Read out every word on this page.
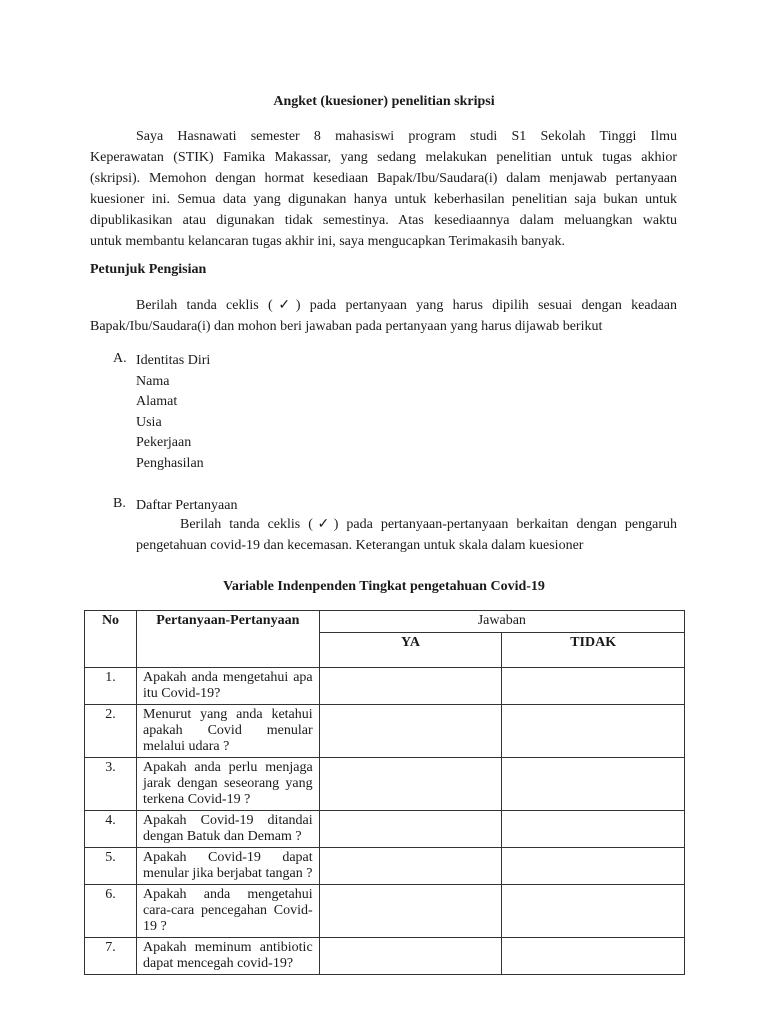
Angket (kuesioner) penelitian skripsi
Saya Hasnawati semester 8 mahasiswi program studi S1 Sekolah Tinggi Ilmu
Keperawatan (STIK) Famika Makassar, yang sedang melakukan penelitian untuk tugas akhior
(skripsi). Memohon dengan hormat kesediaan Bapak/Ibu/Saudara(i) dalam menjawab pertanyaan
kuesioner ini. Semua data yang digunakan hanya untuk keberhasilan penelitian saja bukan untuk
dipublikasikan atau digunakan tidak semestinya. Atas kesediaannya dalam meluangkan waktu
untuk membantu kelancaran tugas akhir ini, saya mengucapkan Terimakasih banyak.
Petunjuk Pengisian
Berilah tanda ceklis (✓) pada pertanyaan yang harus dipilih sesuai dengan keadaan
Bapak/Ibu/Saudara(i) dan mohon beri jawaban pada pertanyaan yang harus dijawab berikut
A. Identitas Diri
Nama
Alamat
Usia
Pekerjaan
Penghasilan
B. Daftar Pertanyaan
Berilah tanda ceklis (✓) pada pertanyaan-pertanyaan berkaitan dengan pengaruh
pengetahuan covid-19 dan kecemasan. Keterangan untuk skala dalam kuesioner
Variable Indenpenden Tingkat pengetahuan Covid-19
No	Pertanyaan-Pertanyaan	Jawaban	
		YA	TIDAK
1.	Apakah anda mengetahui apa itu Covid-19?		
2.	Menurut yang anda ketahui apakah Covid menular melalui udara ?		
3.	Apakah anda perlu menjaga jarak dengan seseorang yang terkena Covid-19 ?		
4.	Apakah Covid-19 ditandai dengan Batuk dan Demam ?		
5.	Apakah Covid-19 dapat menular jika berjabat tangan ?		
6.	Apakah anda mengetahui cara-cara pencegahan Covid-19 ?		
7.	Apakah meminum antibiotic dapat mencegah covid-19?		
